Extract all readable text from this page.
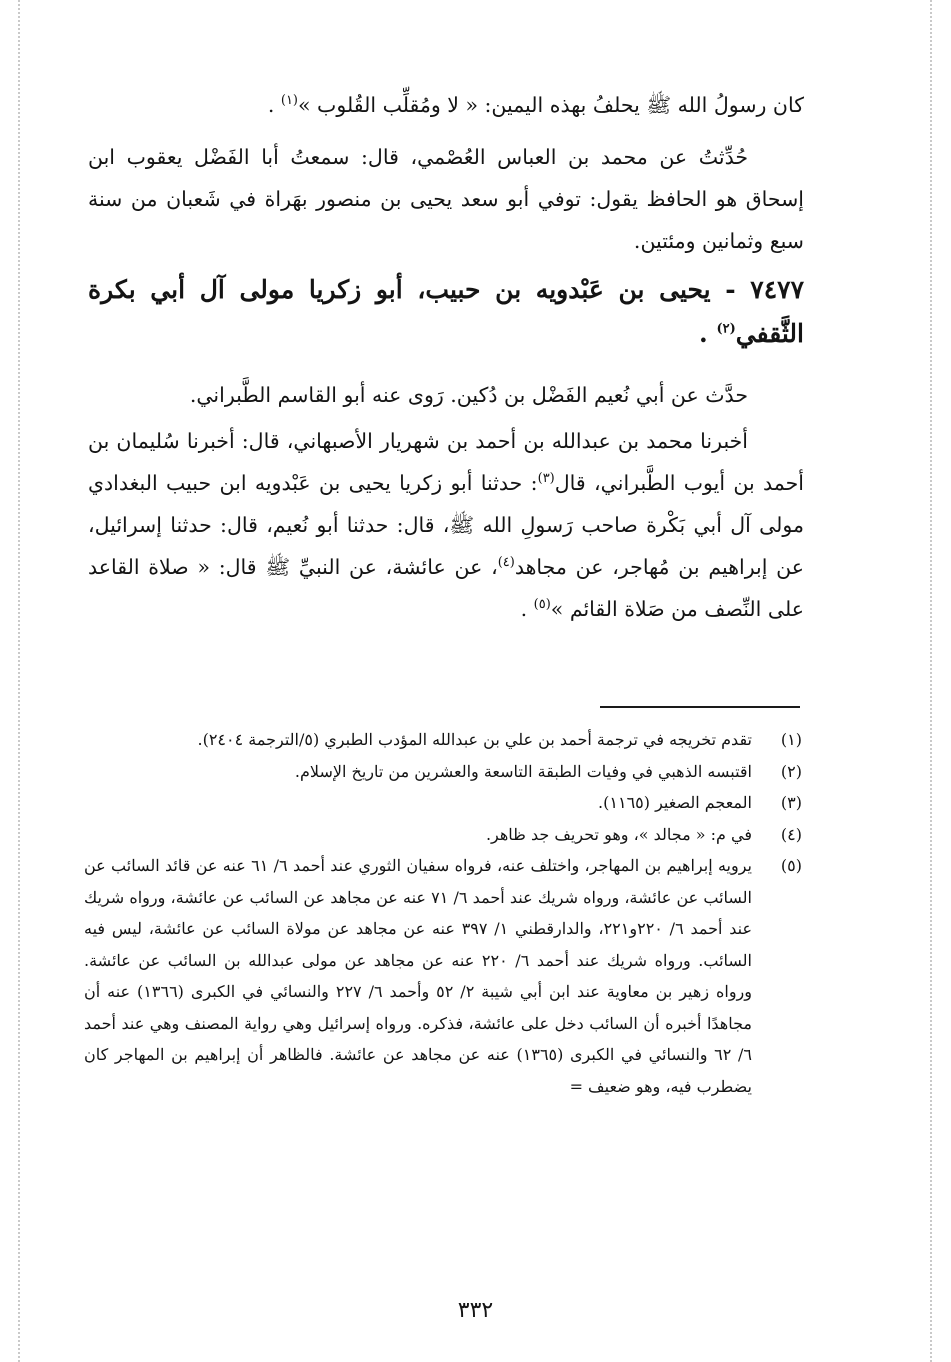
كان رسولُ الله ﷺ يحلفُ بهذه اليمين: « لا ومُقلِّب القُلوب »$^{(١)}$ .

حُدِّثتُ عن محمد بن العباس العُصْمي، قال: سمعتُ أبا الفَضْل يعقوب ابن إسحاق هو الحافظ يقول: توفي أبو سعد يحيى بن منصور بهَراة في شَعبان من سنة سبع وثمانين ومئتين.

٧٤٧٧ - يحيى بن عَبْدويه بن حبيب، أبو زكريا مولى آل أبي بكرة الثَّقفي$^{(٢)}$ .

حدَّث عن أبي نُعيم الفَضْل بن دُكين. رَوى عنه أبو القاسم الطَّبراني.

أخبرنا محمد بن عبدالله بن أحمد بن شهريار الأصبهاني، قال: أخبرنا سُليمان بن أحمد بن أيوب الطَّبراني، قال$^{(٣)}$: حدثنا أبو زكريا يحيى بن عَبْدويه ابن حبيب البغدادي مولى آل أبي بَكْرة صاحب رَسولِ الله ﷺ، قال: حدثنا أبو نُعيم، قال: حدثنا إسرائيل، عن إبراهيم بن مُهاجر، عن مجاهد$^{(٤)}$، عن عائشة، عن النبيِّ ﷺ قال: « صلاة القاعد على النِّصف من صَلاة القائم »$^{(٥)}$ .

(١)
تقدم تخريجه في ترجمة أحمد بن علي بن عبدالله المؤدب الطبري (٥/الترجمة ٢٤٠٤).
(٢)
اقتبسه الذهبي في وفيات الطبقة التاسعة والعشرين من تاريخ الإسلام.
(٣)
المعجم الصغير (١١٦٥).
(٤)
في م: « مجالد »، وهو تحريف جد ظاهر.
(٥)
يرويه إبراهيم بن المهاجر، واختلف عنه، فرواه سفيان الثوري عند أحمد ٦/ ٦١ عنه عن قائد السائب عن السائب عن عائشة، ورواه شريك عند أحمد ٦/ ٧١ عنه عن مجاهد عن السائب عن عائشة، ورواه شريك عند أحمد ٦/ ٢٢٠و٢٢١، والدارقطني ١/ ٣٩٧ عنه عن مجاهد عن مولاة السائب عن عائشة، ليس فيه السائب. ورواه شريك عند أحمد ٦/ ٢٢٠ عنه عن مجاهد عن مولى عبدالله بن السائب عن عائشة. ورواه زهير بن معاوية عند ابن أبي شيبة ٢/ ٥٢ وأحمد ٦/ ٢٢٧ والنسائي في الكبرى (١٣٦٦) عنه أن مجاهدًا أخبره أن السائب دخل على عائشة، فذكره. ورواه إسرائيل وهي رواية المصنف وهي عند أحمد ٦/ ٦٢ والنسائي في الكبرى (١٣٦٥) عنه عن مجاهد عن عائشة. فالظاهر أن إبراهيم بن المهاجر كان يضطرب فيه، وهو ضعيف =
٣٣٢
